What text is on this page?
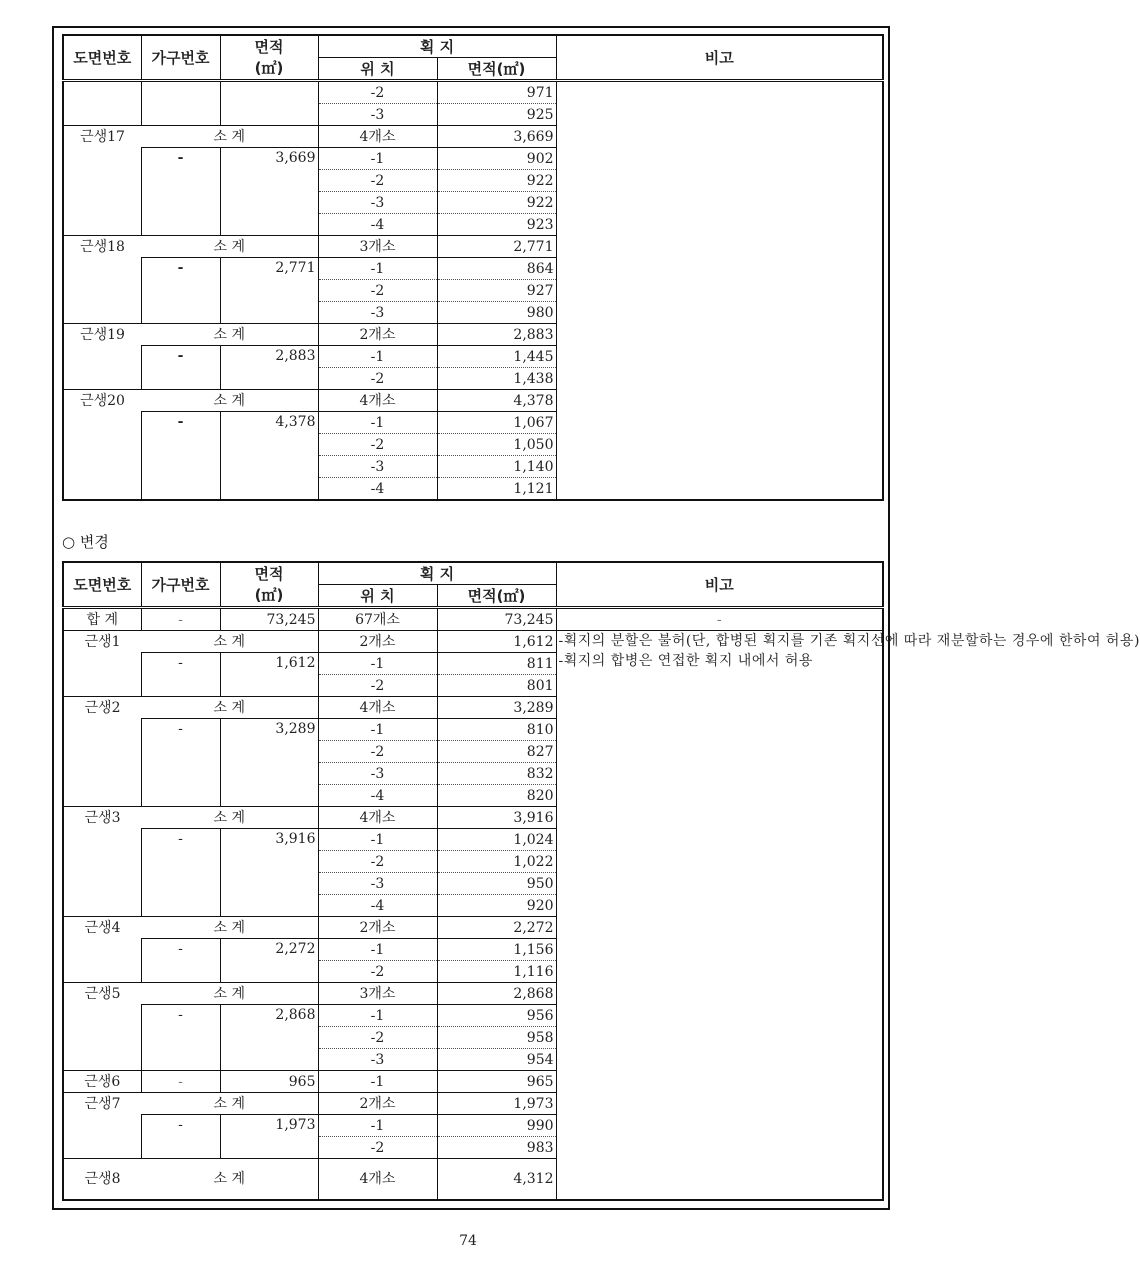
도면번호	가구번호	면적	획 지		비고
		(㎡)	위 치	면적(㎡)	
			-2	971	
			-3	925	
근생17	소 계		4개소	3,669	
	-	3,669	-1	902	
			-2	922	
			-3	922	
			-4	923	
근생18	소 계		3개소	2,771	
	-	2,771	-1	864	
			-2	927	
			-3	980	
근생19	소 계		2개소	2,883	
	-	2,883	-1	1,445	
			-2	1,438	
근생20	소 계		4개소	4,378	
	-	4,378	-1	1,067	
			-2	1,050	
			-3	1,140	
			-4	1,121	
○ 변경
도면번호	가구번호	면적	획 지		비고
		(㎡)	위 치	면적(㎡)	
합 계	-	73,245	67개소	73,245	-
근생1	소 계		2개소	1,612	-획지의 분할은 불허(단, 합병된 획지를 기존 획지선에 따라 재분할하는 경우에 한하여 허용)
-획지의 합병은 연접한 획지 내에서 허용

	-	1,612	-1	811	
			-2	801	
근생2	소 계		4개소	3,289	
	-	3,289	-1	810	
			-2	827	
			-3	832	
			-4	820	
근생3	소 계		4개소	3,916	
	-	3,916	-1	1,024	
			-2	1,022	
			-3	950	
			-4	920	
근생4	소 계		2개소	2,272	
	-	2,272	-1	1,156	
			-2	1,116	
근생5	소 계		3개소	2,868	
	-	2,868	-1	956	
			-2	958	
			-3	954	
근생6	-	965	-1	965	
근생7	소 계		2개소	1,973	
	-	1,973	-1	990	
			-2	983	
근생8	소 계		4개소	4,312	
74
